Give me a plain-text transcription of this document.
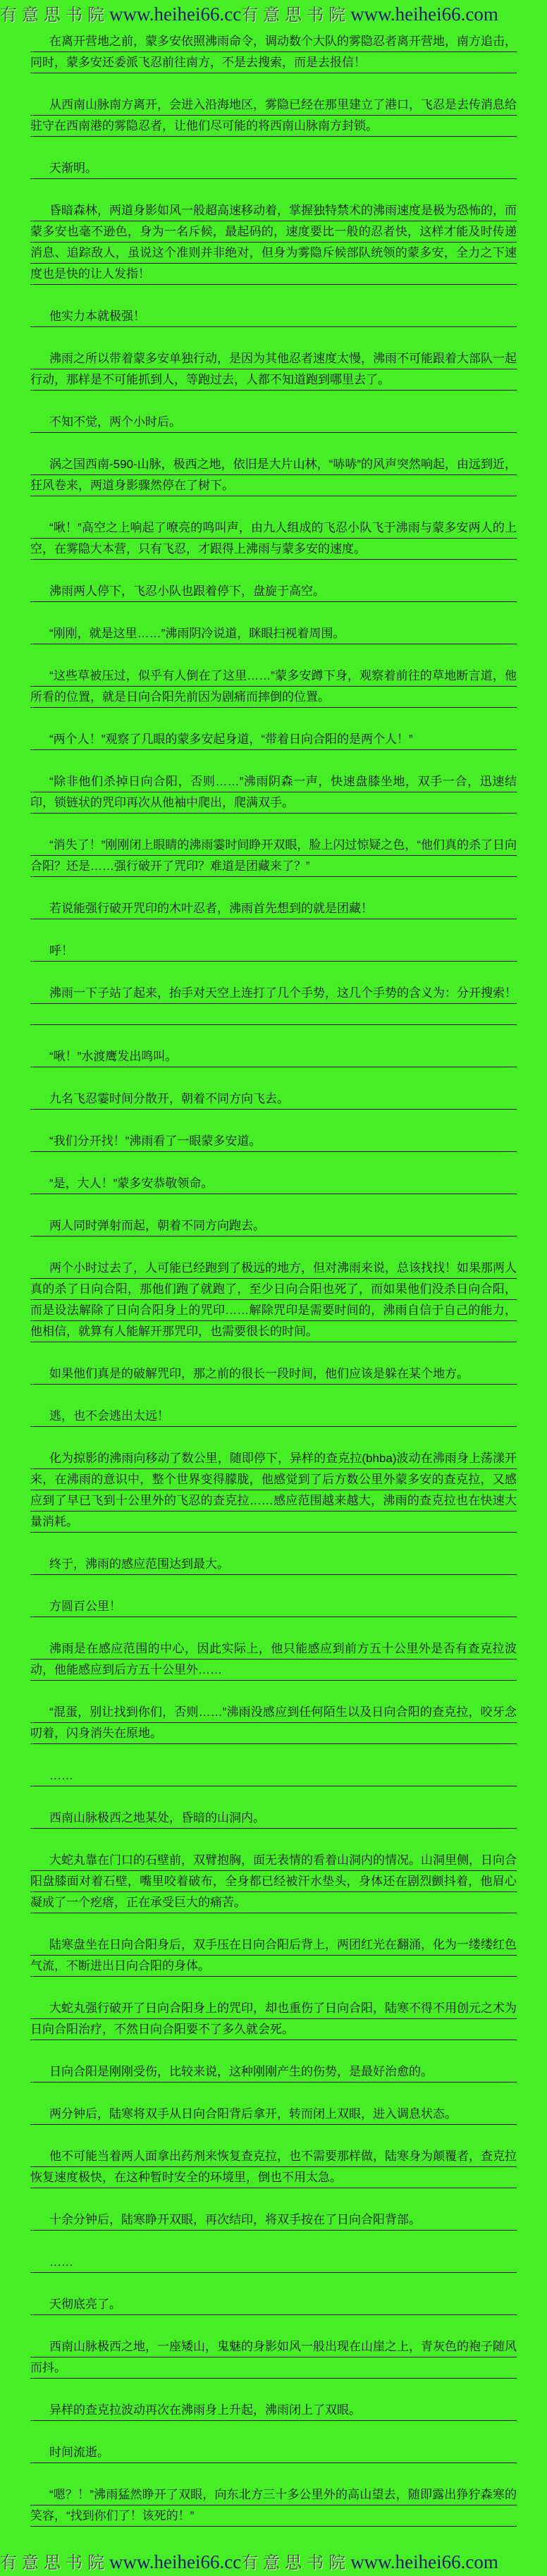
有意思书院www.heihei66.cc有意思书院www.heihei66.com

在离开营地之前，蒙多安依照沸雨命令，调动数个大队的雾隐忍者离开营地，南方追击，同时，蒙多安还委派飞忍前往南方，不是去搜索，而是去报信！

从西南山脉南方离开，会进入沿海地区，雾隐已经在那里建立了港口，飞忍是去传消息给驻守在西南港的雾隐忍者，让他们尽可能的将西南山脉南方封锁。

天渐明。

昏暗森林，两道身影如风一般超高速移动着，掌握独特禁术的沸雨速度是极为恐怖的，而蒙多安也毫不逊色，身为一名斥候，最起码的，速度要比一般的忍者快，这样才能及时传递消息、追踪敌人，虽说这个准则并非绝对，但身为雾隐斥候部队统领的蒙多安，全力之下速度也是快的让人发指！

他实力本就极强！

沸雨之所以带着蒙多安单独行动，是因为其他忍者速度太慢，沸雨不可能跟着大部队一起行动，那样是不可能抓到人，等跑过去，人都不知道跑到哪里去了。

不知不觉，两个小时后。

涡之国西南-590-山脉，极西之地，依旧是大片山林，“哧哧”的风声突然响起，由远到近，狂风卷来，两道身影骤然停在了树下。

“啾！”高空之上响起了嘹亮的鸣叫声，由九人组成的飞忍小队飞于沸雨与蒙多安两人的上空，在雾隐大本营，只有飞忍，才跟得上沸雨与蒙多安的速度。

沸雨两人停下，飞忍小队也跟着停下，盘旋于高空。

“刚刚，就是这里……”沸雨阴冷说道，眯眼扫视着周围。

“这些草被压过，似乎有人倒在了这里……”蒙多安蹲下身，观察着前往的草地断言道，他所看的位置，就是日向合阳先前因为剧痛而摔倒的位置。

“两个人！”观察了几眼的蒙多安起身道，“带着日向合阳的是两个人！”

“除非他们杀掉日向合阳，否则……”沸雨阴森一声，快速盘膝坐地，双手一合，迅速结印，锁链状的咒印再次从他袖中爬出，爬满双手。

“消失了！”刚刚闭上眼睛的沸雨霎时间睁开双眼，脸上闪过惊疑之色，“他们真的杀了日向合阳？还是……强行破开了咒印？难道是团藏来了？”

若说能强行破开咒印的木叶忍者，沸雨首先想到的就是团藏！

呼！

沸雨一下子站了起来，抬手对天空上连打了几个手势，这几个手势的含义为：分开搜索！

“啾！”水渡鹰发出鸣叫。

九名飞忍霎时间分散开，朝着不同方向飞去。

“我们分开找！”沸雨看了一眼蒙多安道。

“是，大人！”蒙多安恭敬领命。

两人同时弹射而起，朝着不同方向跑去。

两个小时过去了，人可能已经跑到了极远的地方，但对沸雨来说，总该找找！如果那两人真的杀了日向合阳，那他们跑了就跑了，至少日向合阳也死了，而如果他们没杀日向合阳，而是设法解除了日向合阳身上的咒印……解除咒印是需要时间的，沸雨自信于自己的能力，他相信，就算有人能解开那咒印，也需要很长的时间。

如果他们真是的破解咒印，那之前的很长一段时间，他们应该是躲在某个地方。

逃，也不会逃出太远！

化为掠影的沸雨向移动了数公里，随即停下，异样的查克拉(bhba)波动在沸雨身上荡漾开来，在沸雨的意识中，整个世界变得朦胧，他感觉到了后方数公里外蒙多安的查克拉，又感应到了早已飞到十公里外的飞忍的查克拉……感应范围越来越大，沸雨的查克拉也在快速大量消耗。

终于，沸雨的感应范围达到最大。

方圆百公里！

沸雨是在感应范围的中心，因此实际上，他只能感应到前方五十公里外是否有查克拉波动，他能感应到后方五十公里外……

“混蛋，别让找到你们，否则……”沸雨没感应到任何陌生以及日向合阳的查克拉，咬牙念叨着，闪身消失在原地。

……

西南山脉极西之地某处，昏暗的山洞内。

大蛇丸靠在门口的石壁前，双臂抱胸，面无表情的看着山洞内的情况。山洞里侧，日向合阳盘膝面对着石壁，嘴里咬着破布，全身都已经被汗水垫头，身体还在剧烈颤抖着，他眉心凝成了一个疙瘩，正在承受巨大的痛苦。

陆寒盘坐在日向合阳身后，双手压在日向合阳后背上，两团红光在翻涌，化为一缕缕红色气流，不断进出日向合阳的身体。

大蛇丸强行破开了日向合阳身上的咒印，却也重伤了日向合阳，陆寒不得不用创元之术为日向合阳治疗，不然日向合阳要不了多久就会死。

日向合阳是刚刚受伤，比较来说，这种刚刚产生的伤势，是最好治愈的。

两分钟后，陆寒将双手从日向合阳背后拿开，转而闭上双眼，进入调息状态。

他不可能当着两人面拿出药剂来恢复查克拉，也不需要那样做，陆寒身为颠覆者，查克拉恢复速度极快，在这种暂时安全的环境里，倒也不用太急。

十余分钟后，陆寒睁开双眼，再次结印，将双手按在了日向合阳背部。

……

天彻底亮了。

西南山脉极西之地，一座矮山，鬼魅的身影如风一般出现在山崖之上，青灰色的袍子随风而抖。

异样的查克拉波动再次在沸雨身上升起，沸雨闭上了双眼。

时间流逝。

“嗯？！”沸雨猛然睁开了双眼，向东北方三十多公里外的高山望去，随即露出狰狞森寒的笑容，“找到你们了！该死的！”

有意思书院www.heihei66.cc有意思书院www.heihei66.com
